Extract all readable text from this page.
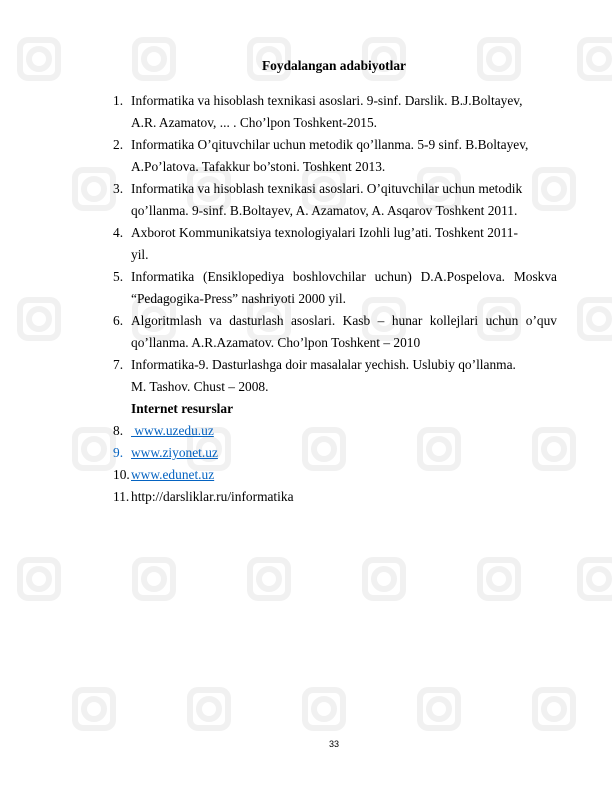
Foydalangan adabiyotlar
1. Informatika va hisoblash texnikasi asoslari. 9-sinf. Darslik. B.J.Boltayev,
A.R. Azamatov, ... . Cho’lpon Toshkent-2015.
2. Informatika O’qituvchilar uchun metodik qo’llanma. 5-9 sinf. B.Boltayev,
A.Po’latova. Tafakkur bo’stoni. Toshkent 2013.
3. Informatika va hisoblash texnikasi asoslari. O’qituvchilar uchun metodik
qo’llanma. 9-sinf. B.Boltayev, A. Azamatov, A. Asqarov Toshkent 2011.
4. Axborot Kommunikatsiya texnologiyalari Izohli lug’ati. Toshkent 2011-
yil.
5. Informatika (Ensiklopediya boshlovchilar uchun) D.A.Pospelova. Moskva
“Pedagogika-Press” nashriyoti 2000 yil.
6. Algoritmlash va dasturlash asoslari. Kasb – hunar kollejlari uchun o’quv
qo’llanma. A.R.Azamatov. Cho’lpon Toshkent – 2010
7. Informatika-9. Dasturlashga doir masalalar yechish. Uslubiy qo’llanma.
M. Tashov. Chust – 2008.
Internet resurslar
8. www.uzedu.uz
9. www.ziyonet.uz
10. www.edunet.uz
11. http://darsliklar.ru/informatika
33
